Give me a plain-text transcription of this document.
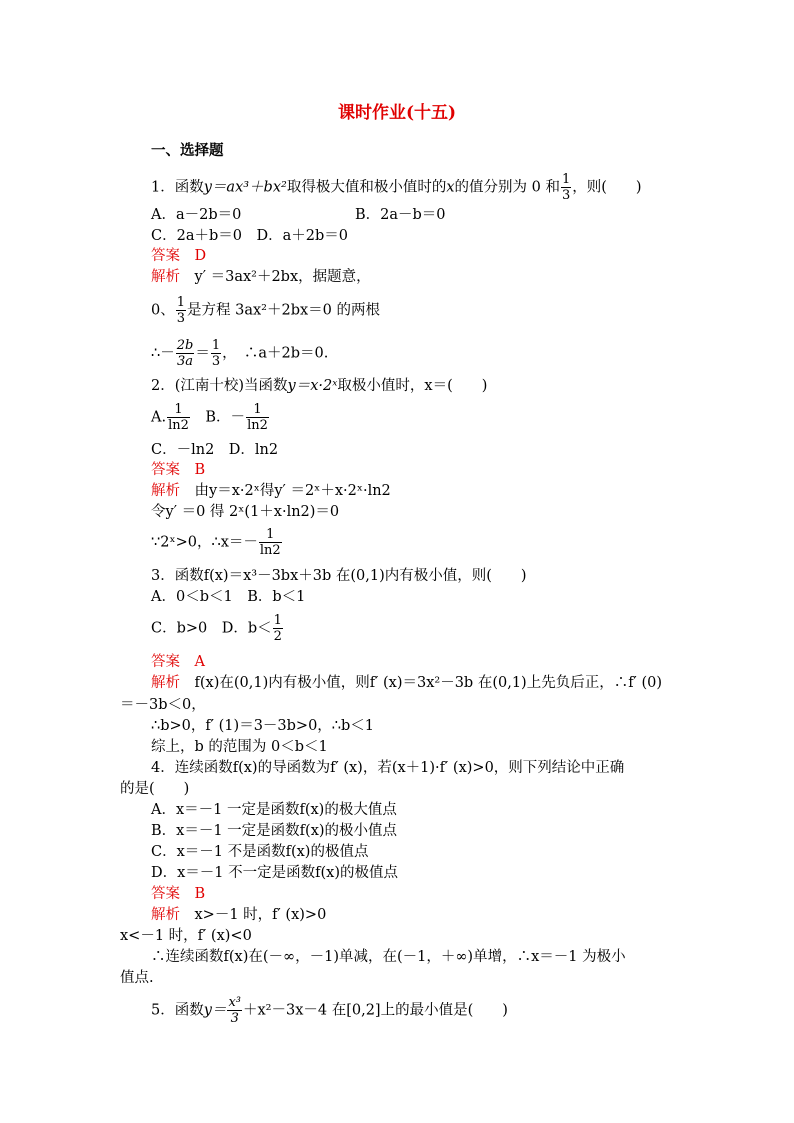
课时作业(十五)
一、选择题
1．函数y＝ax³＋bx²取得极大值和极小值时的x的值分别为 0 和 $\frac{1}{3}$ ，则(　　)
A．a－2b＝0	B．2a－b＝0
C．2a＋b＝0　D．a＋2b＝0
答案　 D
解析　 y′ ＝3ax²＋2bx，据题意，
0、 $\frac{1}{3}$ 是方程 3ax²＋2bx＝0 的两根
∴－ $\frac{2b}{3a} = \frac{1}{3}$ ，　∴a＋2b＝0.
2．(江南十校)当函数y＝x·2ˣ取极小值时，x＝(　　)
A. $\frac{1}{\ln 2}$
　 B．－ $\frac{1}{\ln 2}$
C．－ln2　D．ln2
答案　 B
解析　 由y＝x·2ˣ得y′ ＝2ˣ＋x·2ˣ·ln2
令y′ ＝0 得 2ˣ(1＋x·ln2)＝0
∵2ˣ>0，∴x＝－ $\frac{1}{\ln 2}$
3．函数f(x)＝x³－3bx＋3b 在(0,1)内有极小值，则(　　)
A．0＜b＜1　B．b＜1
C．b>0　D．$b< \frac{1}{2}$
答案　 A
解析　 f(x)在(0,1)内有极小值，则f′ (x)＝3x²－3b 在(0,1)上先负后正，∴f′ (0)
＝－3b＜0，
∴b>0，f′ (1)＝3－3b>0，∴b＜1
综上，b 的范围为 0＜b＜1
4．连续函数f(x)的导函数为f′ (x)，若(x＋1)·f′ (x)>0，则下列结论中正确
的是(　　)
A．x＝－1 一定是函数f(x)的极大值点
B．x＝－1 一定是函数f(x)的极小值点
C．x＝－1 不是函数f(x)的极值点
D．x＝－1 不一定是函数f(x)的极值点
答案　 B
解析　 x>－1 时，f′ (x)>0
x<－1 时，f′ (x)<0
∴连续函数f(x)在(－∞，－1)单减，在(－1，＋∞)单增，∴x＝－1 为极小
值点.
5．函数$y= \frac{\text{x³}}{3} +x^2-3x-4$ 在[0,2]上的最小值是(　　)
